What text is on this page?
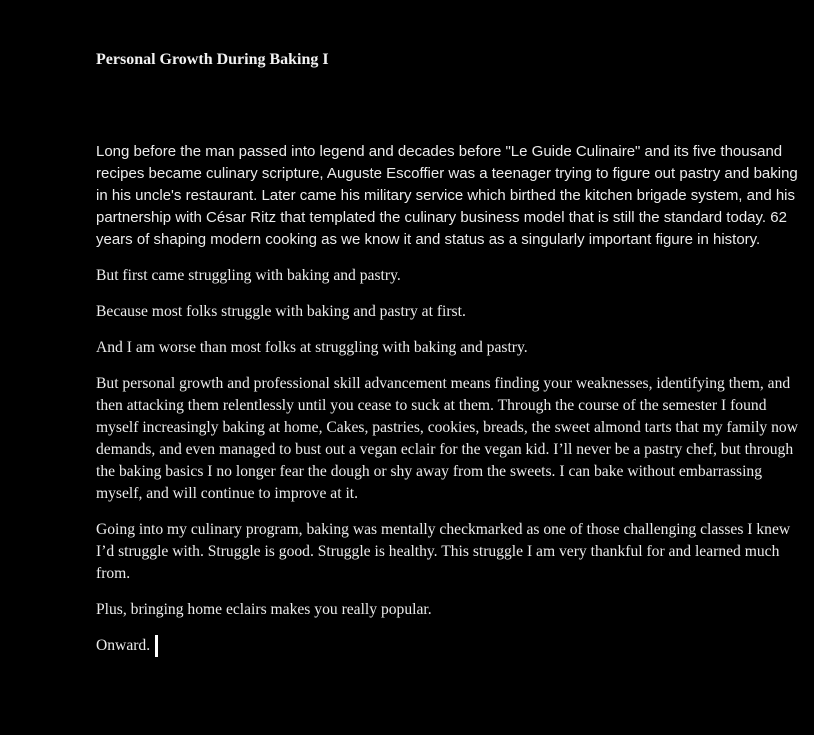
Personal Growth During Baking I

Long before the man passed into legend and decades before "Le Guide Culinaire" and its five thousand recipes became culinary scripture, Auguste Escoffier was a teenager trying to figure out pastry and baking in his uncle's restaurant. Later came his military service which birthed the kitchen brigade system, and his partnership with César Ritz that templated the culinary business model that is still the standard today. 62 years of shaping modern cooking as we know it and status as a singularly important figure in history.

But first came struggling with baking and pastry.

Because most folks struggle with baking and pastry at first.

And I am worse than most folks at struggling with baking and pastry.

But personal growth and professional skill advancement means finding your weaknesses, identifying them, and then attacking them relentlessly until you cease to suck at them. Through the course of the semester I found myself increasingly baking at home, Cakes, pastries, cookies, breads, the sweet almond tarts that my family now demands, and even managed to bust out a vegan eclair for the vegan kid. I’ll never be a pastry chef, but through the baking basics I no longer fear the dough or shy away from the sweets. I can bake without embarrassing myself, and will continue to improve at it.

Going into my culinary program, baking was mentally checkmarked as one of those challenging classes I knew I’d struggle with. Struggle is good. Struggle is healthy. This struggle I am very thankful for and learned much from.

Plus, bringing home eclairs makes you really popular.

Onward.
